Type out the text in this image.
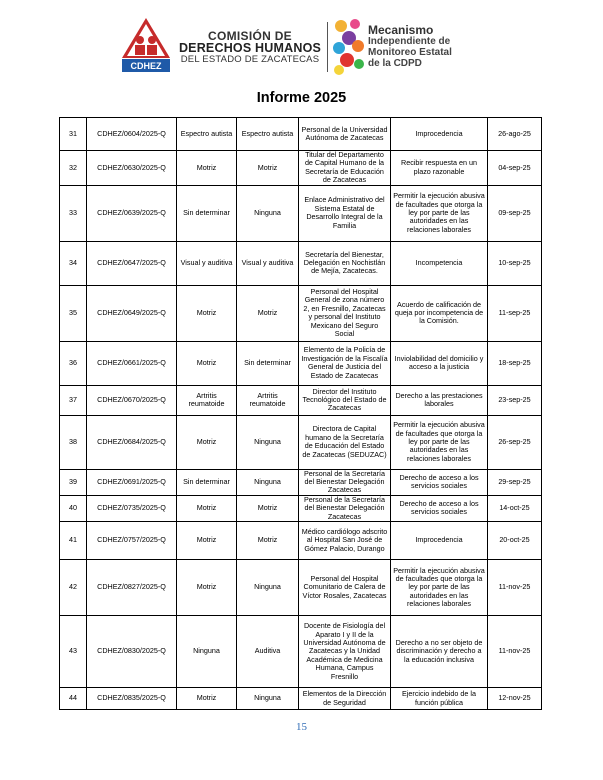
CDHEZ
COMISIÓN DE
DERECHOS HUMANOS
DEL ESTADO DE ZACATECAS
Mecanismo
Independiente de
Monitoreo Estatal
de la CDPD
Informe 2025
31	CDHEZ/0604/2025-Q	Espectro autista	Espectro autista	Personal de la Universidad Autónoma de Zacatecas	Improcedencia	26-ago-25
32	CDHEZ/0630/2025-Q	Motriz	Motriz	Titular del Departamento de Capital Humano de la Secretaría de Educación de Zacatecas	Recibir respuesta en un plazo razonable	04-sep-25
33	CDHEZ/0639/2025-Q	Sin determinar	Ninguna	Enlace Administrativo del Sistema Estatal de Desarrollo Integral de la Familia	Permitir la ejecución abusiva de facultades que otorga la ley por parte de las autoridades en las relaciones laborales	09-sep-25
34	CDHEZ/0647/2025-Q	Visual y auditiva	Visual y auditiva	Secretaría del Bienestar, Delegación en Nochistlán de Mejía, Zacatecas.	Incompetencia	10-sep-25
35	CDHEZ/0649/2025-Q	Motriz	Motriz	Personal del Hospital General de zona número 2, en Fresnillo, Zacatecas y personal del Instituto Mexicano del Seguro Social	Acuerdo de calificación de queja por incompetencia de la Comisión.	11-sep-25
36	CDHEZ/0661/2025-Q	Motriz	Sin determinar	Elemento de la Policía de Investigación de la Fiscalía General de Justicia del Estado de Zacatecas	Inviolabilidad del domicilio y acceso a la justicia	18-sep-25
37	CDHEZ/0670/2025-Q	Artritis reumatoide	Artritis reumatoide	Director del Instituto Tecnológico del Estado de Zacatecas	Derecho a las prestaciones laborales	23-sep-25
38	CDHEZ/0684/2025-Q	Motriz	Ninguna	Directora de Capital humano de la Secretaría de Educación del Estado de Zacatecas (SEDUZAC)	Permitir la ejecución abusiva de facultades que otorga la ley por parte de las autoridades en las relaciones laborales	26-sep-25
39	CDHEZ/0691/2025-Q	Sin determinar	Ninguna	Personal de la Secretaría del Bienestar Delegación Zacatecas	Derecho de acceso a los servicios sociales	29-sep-25
40	CDHEZ/0735/2025-Q	Motriz	Motriz	Personal de la Secretaría del Bienestar Delegación Zacatecas	Derecho de acceso a los servicios sociales	14-oct-25
41	CDHEZ/0757/2025-Q	Motriz	Motriz	Médico cardiólogo adscrito al Hospital San José de Gómez Palacio, Durango	Improcedencia	20-oct-25
42	CDHEZ/0827/2025-Q	Motriz	Ninguna	Personal del Hospital Comunitario de Calera de Víctor Rosales, Zacatecas	Permitir la ejecución abusiva de facultades que otorga la ley por parte de las autoridades en las relaciones laborales	11-nov-25
43	CDHEZ/0830/2025-Q	Ninguna	Auditiva	Docente de Fisiología del Aparato I y II de la Universidad Autónoma de Zacatecas y la Unidad Académica de Medicina Humana, Campus Fresnillo	Derecho a no ser objeto de discriminación y derecho a la educación inclusiva	11-nov-25
44	CDHEZ/0835/2025-Q	Motriz	Ninguna	Elementos de la Dirección de Seguridad	Ejercicio indebido de la función pública	12-nov-25
15
